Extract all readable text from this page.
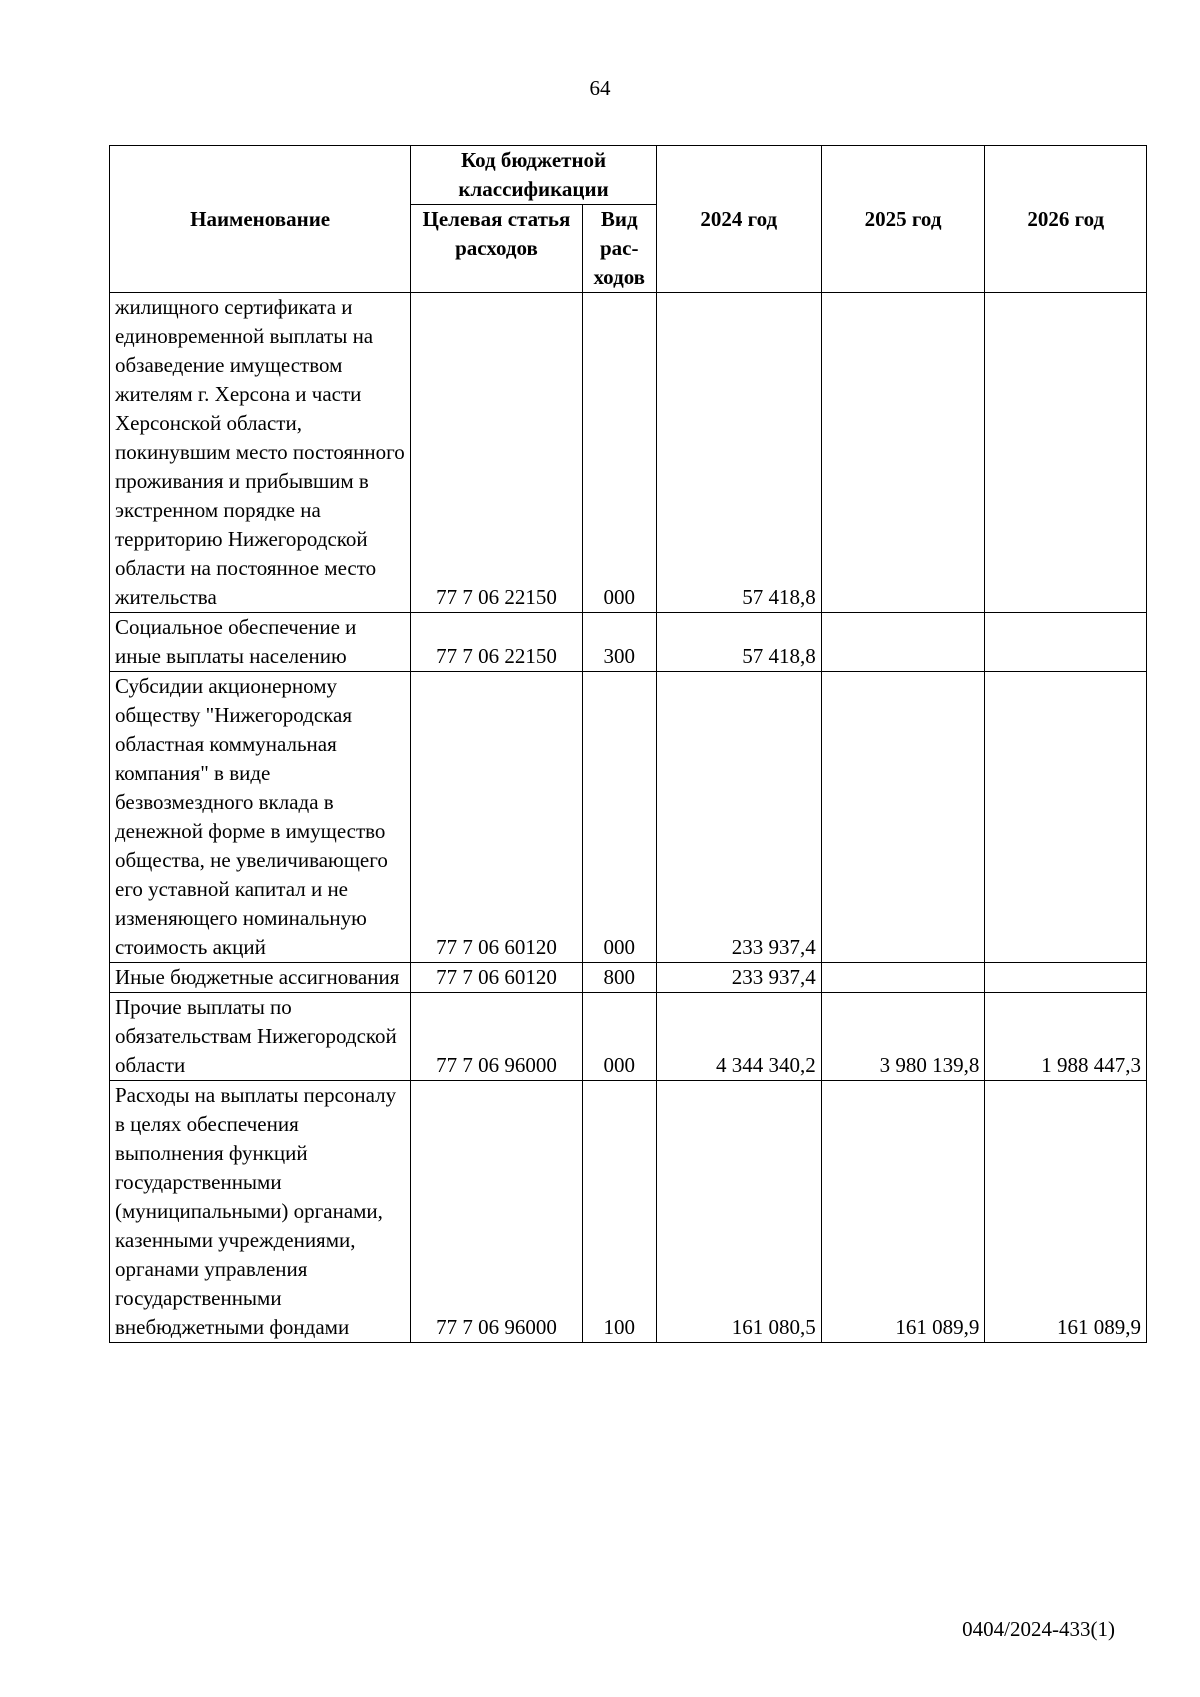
64
Наименование	Код бюджетной классификации		2024 год	2025 год	2026 год
	Целевая статья расходов	Вид рас-ходов			
жилищного сертификата и единовременной выплаты на обзаведение имуществом жителям г. Херсона и части Херсонской области, покинувшим место постоянного проживания и прибывшим в экстренном порядке на территорию Нижегородской области на постоянное место жительства	77 7 06 22150	000	57 418,8		
Социальное обеспечение и иные выплаты населению	77 7 06 22150	300	57 418,8		
Субсидии акционерному обществу "Нижегородская областная коммунальная компания" в виде безвозмездного вклада в денежной форме в имущество общества, не увеличивающего его уставной капитал и не изменяющего номинальную стоимость акций	77 7 06 60120	000	233 937,4		
Иные бюджетные ассигнования	77 7 06 60120	800	233 937,4		
Прочие выплаты по обязательствам Нижегородской области	77 7 06 96000	000	4 344 340,2	3 980 139,8	1 988 447,3
Расходы на выплаты персоналу в целях обеспечения выполнения функций государственными (муниципальными) органами, казенными учреждениями, органами управления государственными внебюджетными фондами	77 7 06 96000	100	161 080,5	161 089,9	161 089,9
0404/2024-433(1)
